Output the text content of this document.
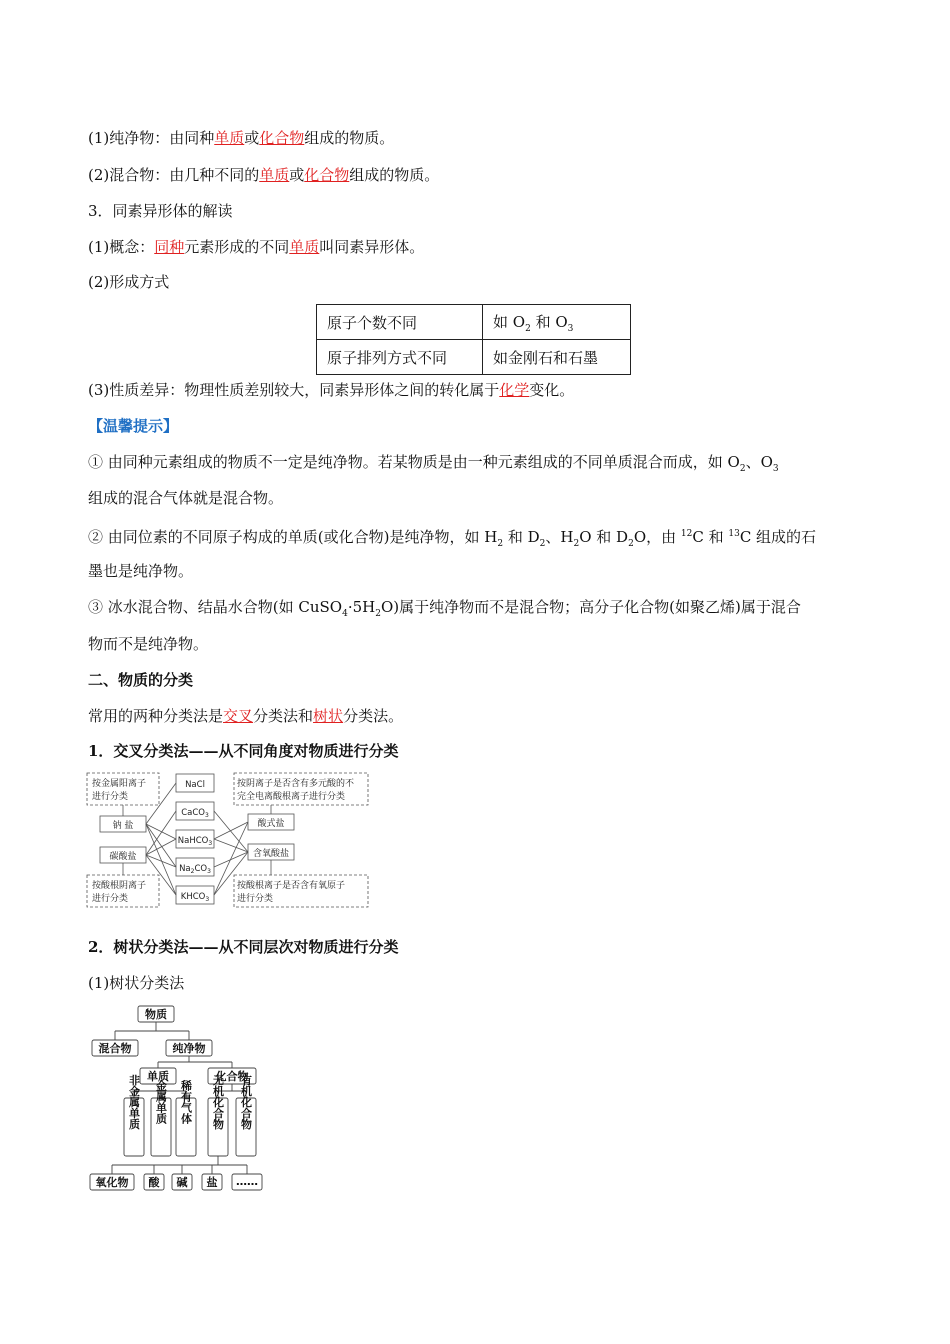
(1)纯净物：由同种单质或化合物组成的物质。
(2)混合物：由几种不同的单质或化合物组成的物质。
3．同素异形体的解读
(1)概念：同种元素形成的不同单质叫同素异形体。
(2)形成方式
原子个数不同	如 $O_2$ 和 $O_3$
原子排列方式不同	如金刚石和石墨
(3)性质差异：物理性质差别较大，同素异形体之间的转化属于化学变化。
【温馨提示】
① 由同种元素组成的物质不一定是纯净物。若某物质是由一种元素组成的不同单质混合而成，如 $O_2$、$O_3$
组成的混合气体就是混合物。
② 由同位素的不同原子构成的单质(或化合物)是纯净物，如 $H_2$ 和 $D_2$、$H_2O$ 和 $D_2O$，由 $^{12}$C 和 $^{13}$C 组成的石
墨也是纯净物。
③ 冰水混合物、结晶水合物(如 $CuSO_4\cdot 5H_2O$)属于纯净物而不是混合物；高分子化合物(如聚乙烯)属于混合
物而不是纯净物。
二、物质的分类
常用的两种分类法是交叉分类法和树状分类法。
1．交叉分类法——从不同角度对物质进行分类
按金属阳离子
进行分类
按酸根阴离子
进行分类
按阴离子是否含有多元酸的不
完全电离酸根离子进行分类
按酸根离子是否含有氧原子
进行分类
钠 盐
碳酸盐
酸式盐
含氧酸盐
NaCl
CaCO$_3$
NaHCO$_3$
$Na_2CO_3$
$KHCO_3$
2．树状分类法——从不同层次对物质进行分类
(1)树状分类法
物质
混合物	纯净物
单质	化合物
氧化物 酸 碱 盐 ……
非金属单质 金属单质 稀有气体 无机化合物 有机化合物
